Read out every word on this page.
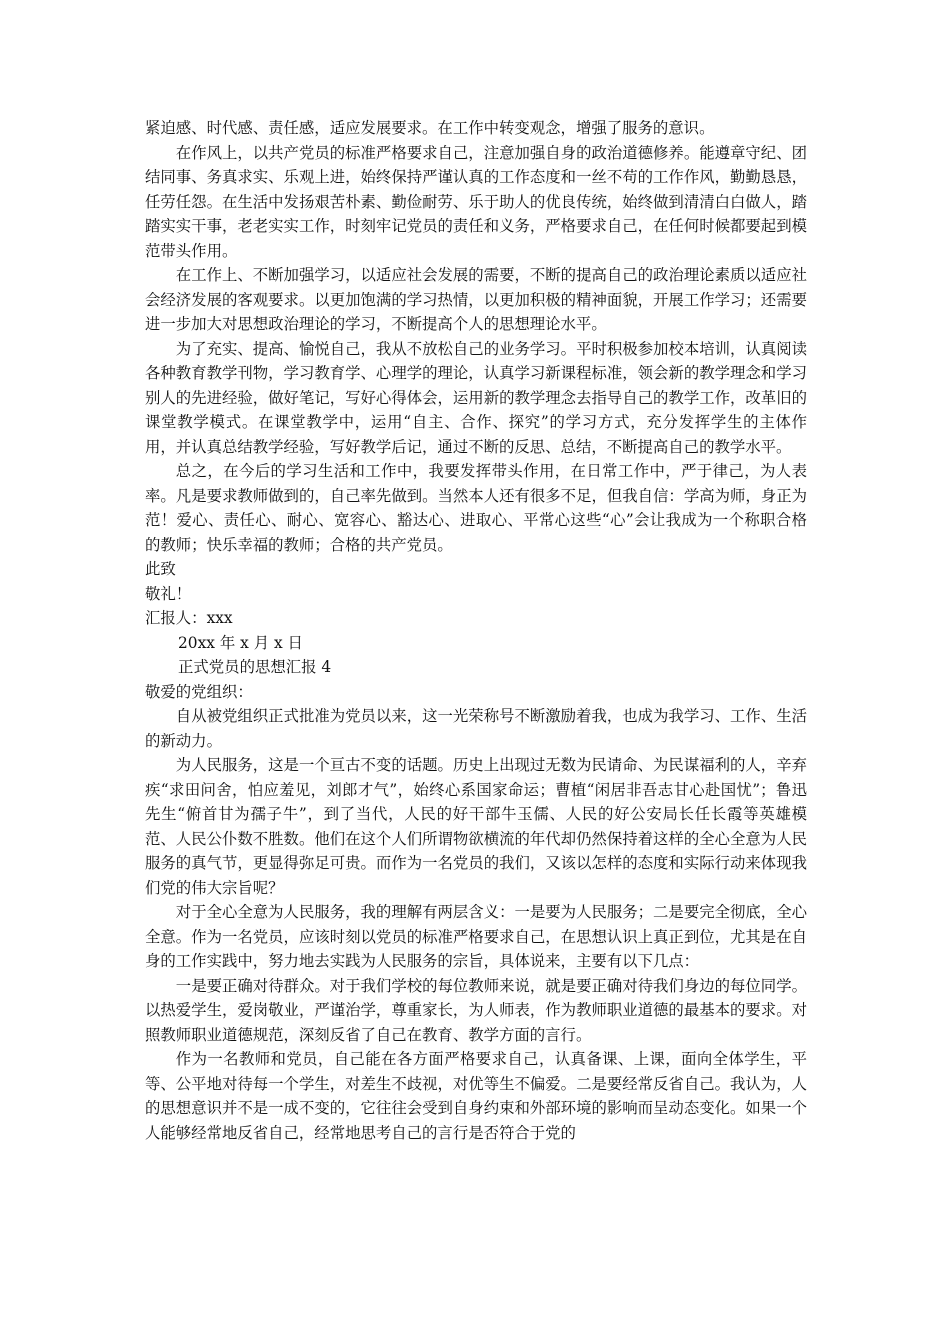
紧迫感、时代感、责任感，适应发展要求。在工作中转变观念，增强了服务的意识。

在作风上，以共产党员的标准严格要求自己，注意加强自身的政治道德修养。能遵章守纪、团结同事、务真求实、乐观上进，始终保持严谨认真的工作态度和一丝不苟的工作作风，勤勤恳恳，任劳任怨。在生活中发扬艰苦朴素、勤俭耐劳、乐于助人的优良传统，始终做到清清白白做人，踏踏实实干事，老老实实工作，时刻牢记党员的责任和义务，严格要求自己，在任何时候都要起到模范带头作用。

在工作上、不断加强学习，以适应社会发展的需要，不断的提高自己的政治理论素质以适应社会经济发展的客观要求。以更加饱满的学习热情，以更加积极的精神面貌，开展工作学习；还需要进一步加大对思想政治理论的学习，不断提高个人的思想理论水平。

为了充实、提高、愉悦自己，我从不放松自己的业务学习。平时积极参加校本培训，认真阅读各种教育教学刊物，学习教育学、心理学的理论，认真学习新课程标准，领会新的教学理念和学习别人的先进经验，做好笔记，写好心得体会，运用新的教学理念去指导自己的教学工作，改革旧的课堂教学模式。在课堂教学中，运用“自主、合作、探究”的学习方式，充分发挥学生的主体作用，并认真总结教学经验，写好教学后记，通过不断的反思、总结，不断提高自己的教学水平。

总之，在今后的学习生活和工作中，我要发挥带头作用，在日常工作中，严于律己，为人表率。凡是要求教师做到的，自己率先做到。当然本人还有很多不足，但我自信：学高为师，身正为范！爱心、责任心、耐心、宽容心、豁达心、进取心、平常心这些“心”会让我成为一个称职合格的教师；快乐幸福的教师；合格的共产党员。

此致

敬礼！

汇报人：xxx

20xx 年 x 月 x 日

正式党员的思想汇报 4

敬爱的党组织：

自从被党组织正式批准为党员以来，这一光荣称号不断激励着我，也成为我学习、工作、生活的新动力。

为人民服务，这是一个亘古不变的话题。历史上出现过无数为民请命、为民谋福利的人，辛弃疾“求田问舍，怕应羞见，刘郎才气”，始终心系国家命运；曹植“闲居非吾志甘心赴国忧”；鲁迅先生“俯首甘为孺子牛”，到了当代，人民的好干部牛玉儒、人民的好公安局长任长霞等英雄模范、人民公仆数不胜数。他们在这个人们所谓物欲横流的年代却仍然保持着这样的全心全意为人民服务的真气节，更显得弥足可贵。而作为一名党员的我们，又该以怎样的态度和实际行动来体现我们党的伟大宗旨呢？

对于全心全意为人民服务，我的理解有两层含义：一是要为人民服务；二是要完全彻底，全心全意。作为一名党员，应该时刻以党员的标准严格要求自己，在思想认识上真正到位，尤其是在自身的工作实践中，努力地去实践为人民服务的宗旨，具体说来，主要有以下几点：

一是要正确对待群众。对于我们学校的每位教师来说，就是要正确对待我们身边的每位同学。以热爱学生，爱岗敬业，严谨治学，尊重家长，为人师表，作为教师职业道德的最基本的要求。对照教师职业道德规范，深刻反省了自己在教育、教学方面的言行。

作为一名教师和党员，自己能在各方面严格要求自己，认真备课、上课，面向全体学生，平等、公平地对待每一个学生，对差生不歧视，对优等生不偏爱。二是要经常反省自己。我认为，人的思想意识并不是一成不变的，它往往会受到自身约束和外部环境的影响而呈动态变化。如果一个人能够经常地反省自己，经常地思考自己的言行是否符合于党的
